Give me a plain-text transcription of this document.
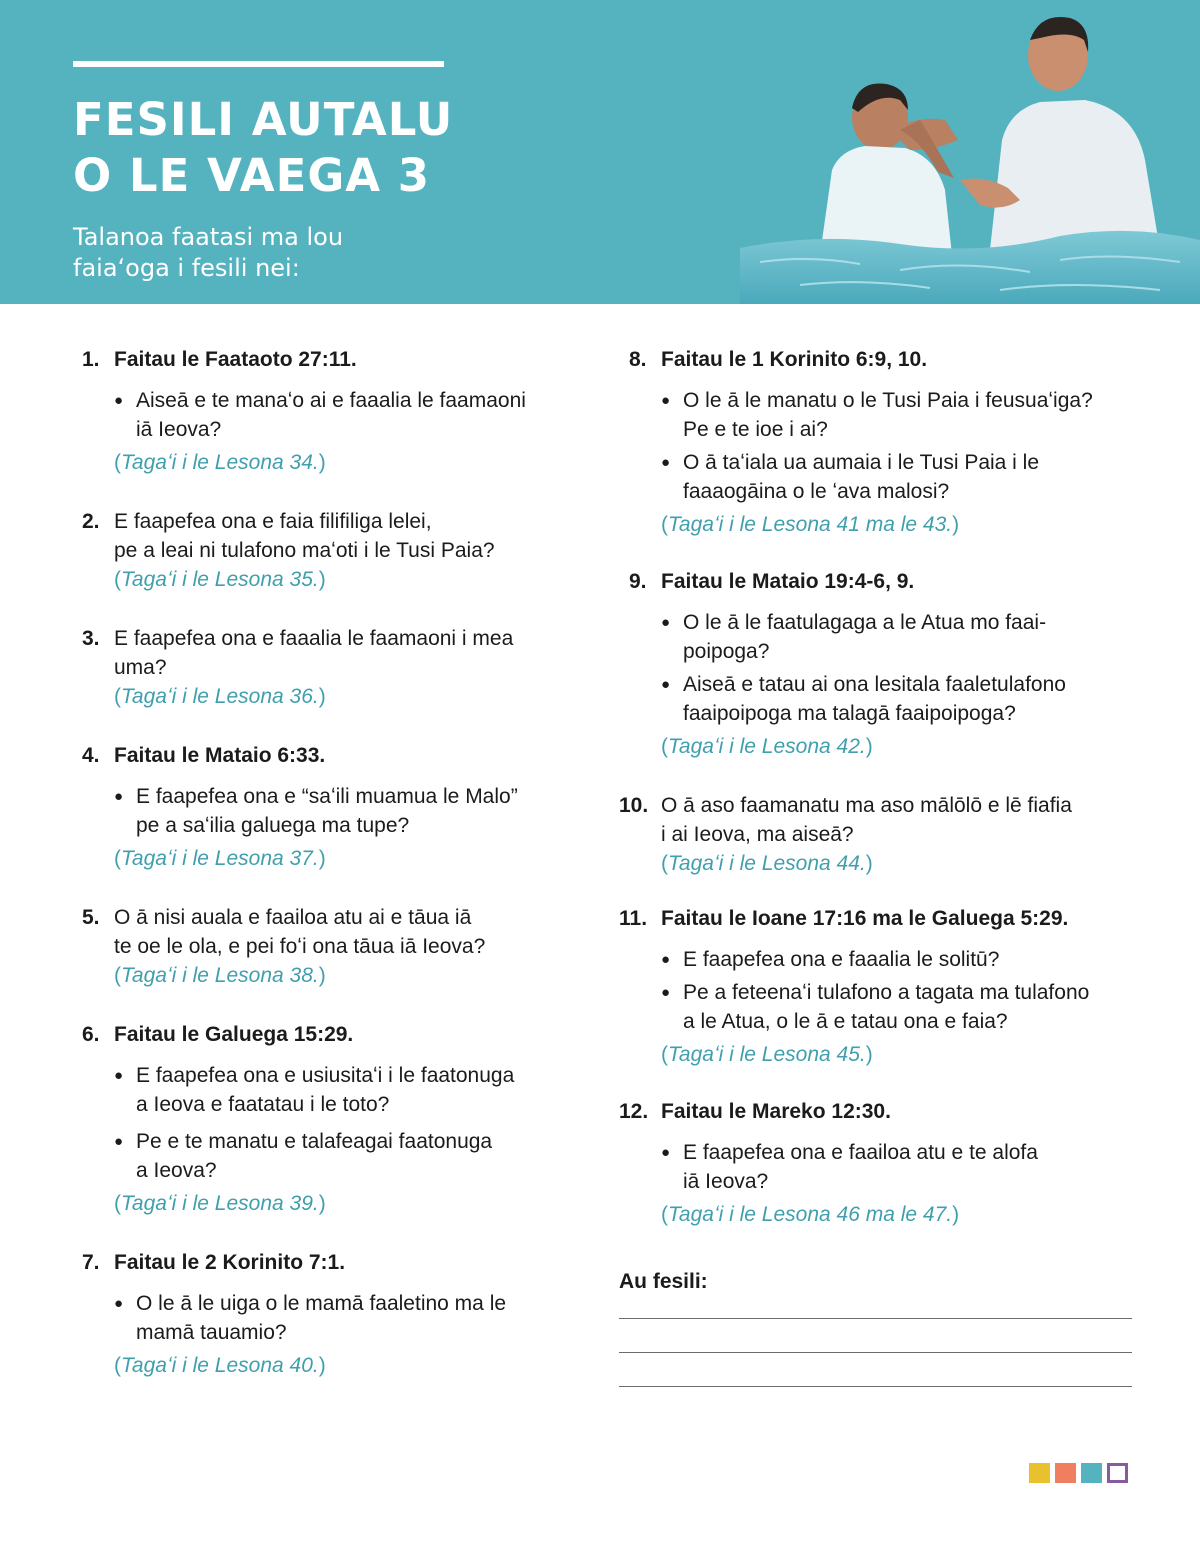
FESILI AUTALU
O LE VAEGA 3
Talanoa faatasi ma lou
faiaʻoga i fesili nei:
1. Faitau le Faataoto 27:11.
● Aiseā e te manaʻo ai e faaalia le faamaoni
iā Ieova?
(Tagaʻi i le Lesona 34.)
2. E faapefea ona e faia filifiliga lelei,
pe a leai ni tulafono maʻoti i le Tusi Paia?
(Tagaʻi i le Lesona 35.)
3. E faapefea ona e faaalia le faamaoni i mea
uma?
(Tagaʻi i le Lesona 36.)
4. Faitau le Mataio 6:33.
● E faapefea ona e “saʻili muamua le Malo”
pe a saʻilia galuega ma tupe?
(Tagaʻi i le Lesona 37.)
5. O ā nisi auala e faailoa atu ai e tāua iā
te oe le ola, e pei foʻi ona tāua iā Ieova?
(Tagaʻi i le Lesona 38.)
6. Faitau le Galuega 15:29.
● E faapefea ona e usiusitaʻi i le faatonuga
a Ieova e faatatau i le toto?
● Pe e te manatu e talafeagai faatonuga
a Ieova?
(Tagaʻi i le Lesona 39.)
7. Faitau le 2 Korinito 7:1.
● O le ā le uiga o le mamā faaletino ma le
mamā tauamio?
(Tagaʻi i le Lesona 40.)
8. Faitau le 1 Korinito 6:9, 10.
● O le ā le manatu o le Tusi Paia i feusuaʻiga?
Pe e te ioe i ai?
● O ā taʻiala ua aumaia i le Tusi Paia i le
faaaogāina o le ʻava malosi?
(Tagaʻi i le Lesona 41 ma le 43.)
9. Faitau le Mataio 19:4-6, 9.
● O le ā le faatulagaga a le Atua mo faai-
poipoga?
● Aiseā e tatau ai ona lesitala faaletulafono
faaipoipoga ma talagā faaipoipoga?
(Tagaʻi i le Lesona 42.)
10. O ā aso faamanatu ma aso mālōlō e lē fiafia
i ai Ieova, ma aiseā?
(Tagaʻi i le Lesona 44.)
11. Faitau le Ioane 17:16 ma le Galuega 5:29.
● E faapefea ona e faaalia le solitū?
● Pe a feteenaʻi tulafono a tagata ma tulafono
a le Atua, o le ā e tatau ona e faia?
(Tagaʻi i le Lesona 45.)
12. Faitau le Mareko 12:30.
● E faapefea ona e faailoa atu e te alofa
iā Ieova?
(Tagaʻi i le Lesona 46 ma le 47.)
Au fesili:
